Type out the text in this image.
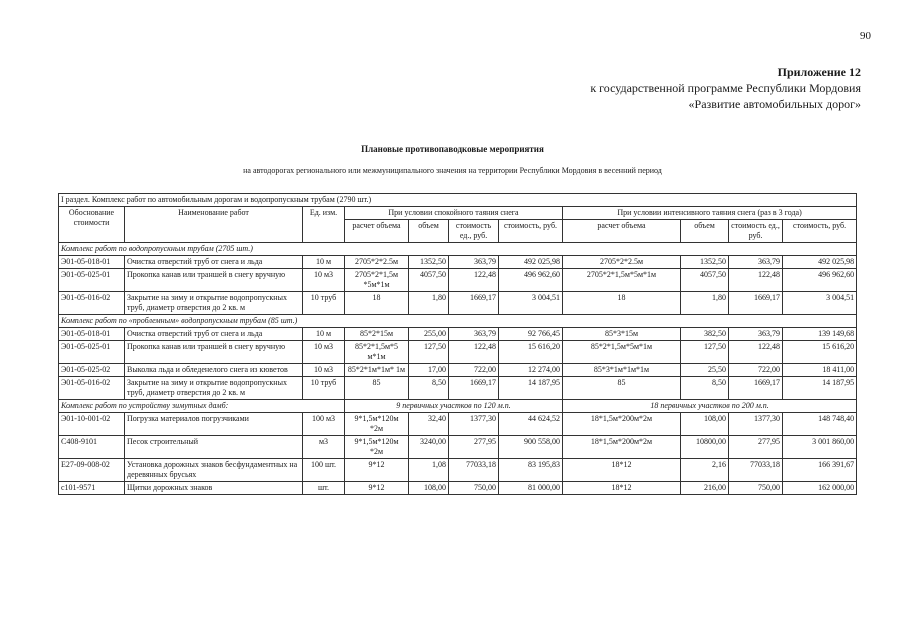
90
Приложение 12
к государственной программе Республики Мордовия
«Развитие автомобильных дорог»
Плановые противопаводковые мероприятия
на автодорогах регионального или межмуниципального значения на территории Республики Мордовия в весенний период
I раздел. Комплекс работ по автомобильным дорогам и водопропускным трубам (2790 шт.)										
Обоснование стоимости	Наименование работ	Ед. изм.	При условии спокойного таяния снега				При условии интенсивного таяния снега (раз в 3 года)			
			расчет объема	объем	стоимость ед., руб.	стоимость, руб.	расчет объема	объем	стоимость ед., руб.	стоимость, руб.
Комплекс работ по водопропускным трубам (2705 шт.)										
Э01-05-018-01	Очистка отверстий труб от снега и льда	10 м	2705*2*2.5м	1352,50	363,79	492 025,98	2705*2*2.5м	1352,50	363,79	492 025,98
Э01-05-025-01	Прокопка канав или траншей в снегу вручную	10 м3	2705*2*1,5м *5м*1м	4057,50	122,48	496 962,60	2705*2*1,5м*5м*1м	4057,50	122,48	496 962,60
Э01-05-016-02	Закрытие на зиму и открытие водопропускных труб, диаметр отверстия до 2 кв. м	10 труб	18	1,80	1669,17	3 004,51	18	1,80	1669,17	3 004,51
Комплекс работ по «проблемным» водопропускным трубам (85 шт.)										
Э01-05-018-01	Очистка отверстий труб от снега и льда	10 м	85*2*15м	255,00	363,79	92 766,45	85*3*15м	382,50	363,79	139 149,68
Э01-05-025-01	Прокопка канав или траншей в снегу вручную	10 м3	85*2*1,5м*5 м*1м	127,50	122,48	15 616,20	85*2*1,5м*5м*1м	127,50	122,48	15 616,20
Э01-05-025-02	Выколка льда и обледенелого снега из кюветов	10 м3	85*2*1м*1м* 1м	17,00	722,00	12 274,00	85*3*1м*1м*1м	25,50	722,00	18 411,00
Э01-05-016-02	Закрытие на зиму и открытие водопропускных труб, диаметр отверстия до 2 кв. м	10 труб	85	8,50	1669,17	14 187,95	85	8,50	1669,17	14 187,95
Комплекс работ по устройству зимутных дамб:			9 первичных участков по 120 м.п.				18 первичных участков по 200 м.п.			
Э01-10-001-02	Погрузка материалов погрузчиками	100 м3	9*1,5м*120м *2м	32,40	1377,30	44 624,52	18*1,5м*200м*2м	108,00	1377,30	148 748,40
С408-9101	Песок строительный	м3	9*1,5м*120м *2м	3240,00	277,95	900 558,00	18*1,5м*200м*2м	10800,00	277,95	3 001 860,00
Е27-09-008-02	Установка дорожных знаков бесфундаментных на деревянных брусьях	100 шт.	9*12	1,08	77033,18	83 195,83	18*12	2,16	77033,18	166 391,67
с101-9571	Щитки дорожных знаков	шт.	9*12	108,00	750,00	81 000,00	18*12	216,00	750,00	162 000,00
